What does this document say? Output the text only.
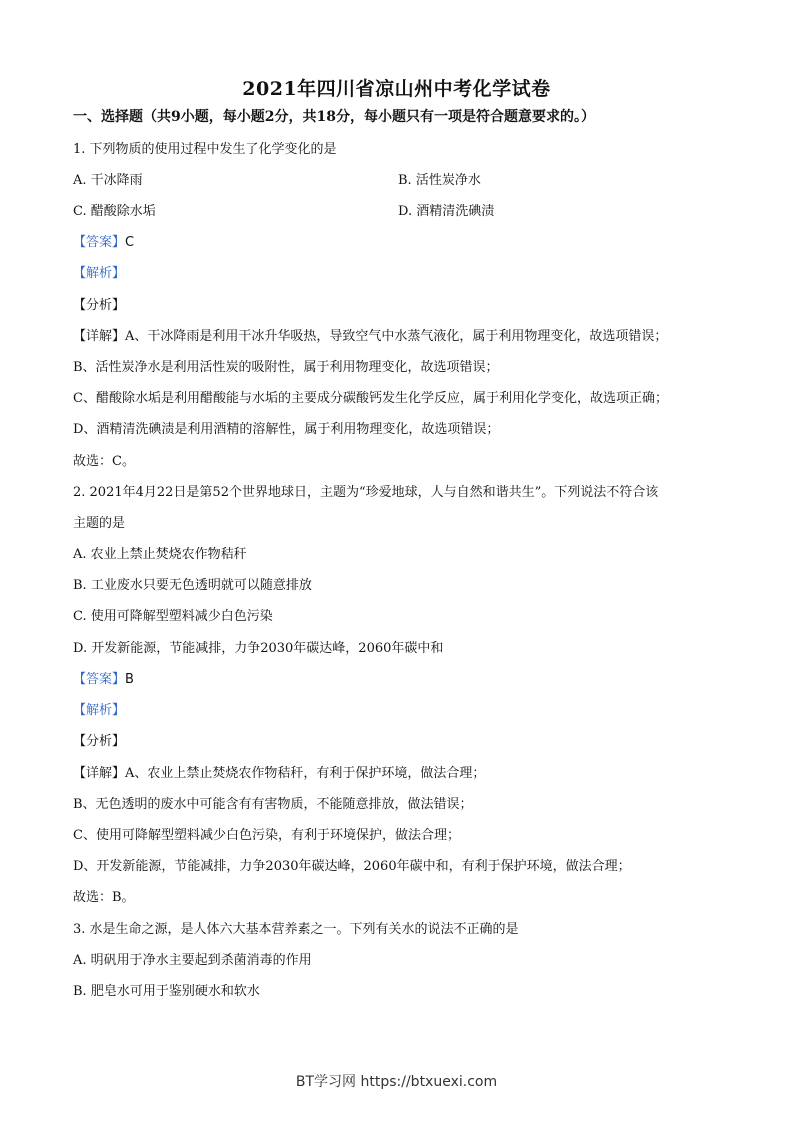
2021年四川省凉山州中考化学试卷
一、选择题（共9小题，每小题2分，共18分，每小题只有一项是符合题意要求的。）
1. 下列物质的使用过程中发生了化学变化的是
A. 干冰降雨	B. 活性炭净水
C. 醋酸除水垢	D. 酒精清洗碘渍
【答案】C
【解析】
【分析】
【详解】A、干冰降雨是利用干冰升华吸热，导致空气中水蒸气液化，属于利用物理变化，故选项错误；
B、活性炭净水是利用活性炭的吸附性，属于利用物理变化，故选项错误；
C、醋酸除水垢是利用醋酸能与水垢的主要成分碳酸钙发生化学反应，属于利用化学变化，故选项正确；
D、酒精清洗碘渍是利用酒精的溶解性，属于利用物理变化，故选项错误；
故选：C。
2. 2021年4月22日是第52个世界地球日，主题为“珍爱地球，人与自然和谐共生”。下列说法不符合该
主题的是
A. 农业上禁止焚烧农作物秸秆
B. 工业废水只要无色透明就可以随意排放
C. 使用可降解型塑料减少白色污染
D. 开发新能源，节能减排，力争2030年碳达峰，2060年碳中和
【答案】B
【解析】
【分析】
【详解】A、农业上禁止焚烧农作物秸秆，有利于保护环境，做法合理；
B、无色透明的废水中可能含有有害物质，不能随意排放，做法错误；
C、使用可降解型塑料减少白色污染，有利于环境保护，做法合理；
D、开发新能源，节能减排，力争2030年碳达峰，2060年碳中和，有利于保护环境，做法合理；
故选：B。
3. 水是生命之源，是人体六大基本营养素之一。下列有关水的说法不正确的是
A. 明矾用于净水主要起到杀菌消毒的作用
B. 肥皂水可用于鉴别硬水和软水
BT学习网 https://btxuexi.com
